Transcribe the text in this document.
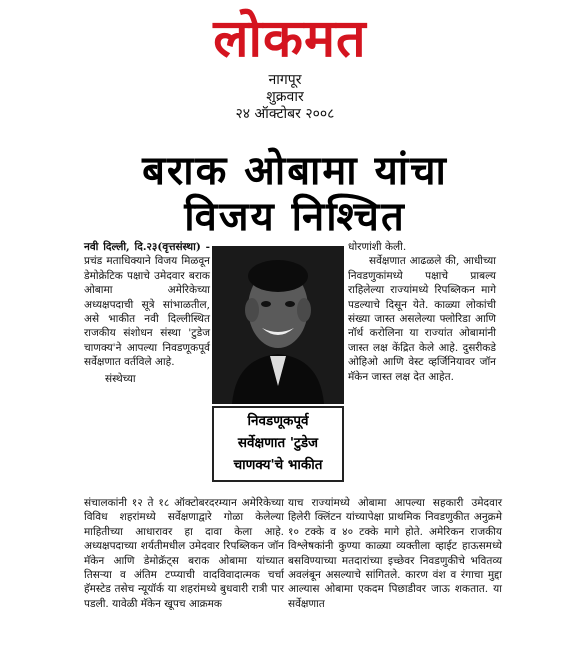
लोकमत
नागपूर
शुक्रवार
२४ ऑक्टोबर २००८
बराक ओबामा यांचा
विजय निश्चित

नवी दिल्ली, दि.२३(वृत्तसंस्था) - प्रचंड मताधिक्याने विजय मिळवून डेमोक्रेटिक पक्षाचे उमेदवार बराक ओबामा अमेरिकेच्या अध्यक्षपदाची सूत्रे सांभाळतील, असे भाकीत नवी दिल्लीस्थित राजकीय संशोधन संस्था 'टुडेज चाणक्य'ने आपल्या निवडणूकपूर्व सर्वेक्षणात वर्तविले आहे.

संस्थेच्या

निवडणूकपूर्व
सर्वेक्षणात 'टुडेज
चाणक्य'चे भाकीत

धोरणांशी केली.

सर्वेक्षणात आढळले की, आधीच्या निवडणुकांमध्ये पक्षाचे प्राबल्य राहिलेल्या राज्यांमध्ये रिपब्लिकन मागे पडल्याचे दिसून येते. काळ्या लोकांची संख्या जास्त असलेल्या फ्लोरिडा आणि नॉर्थ करोलिना या राज्यांत ओबामांनी जास्त लक्ष केंद्रित केले आहे. दुसरीकडे ओहिओ आणि वेस्ट व्हर्जिनियावर जॉन मॅकेन जास्त लक्ष देत आहेत.

संचालकांनी १२ ते १८ ऑक्टोबरदरम्यान अमेरिकेच्या विविध शहरांमध्ये सर्वेक्षणाद्वारे गोळा केलेल्या माहितीच्या आधारावर हा दावा केला आहे. अध्यक्षपदाच्या शर्यतीमधील उमेदवार रिपब्लिकन जॉन मॅकेन आणि डेमोक्रॅट्स बराक ओबामा यांच्यात तिसऱ्या व अंतिम टप्प्याची वादविवादात्मक चर्चा हॅमस्टेड तसेच न्यूयॉर्क या शहरांमध्ये बुधवारी रात्री पार पडली. यावेळी मॅकेन खूपच आक्रमक

याच राज्यांमध्ये ओबामा आपल्या सहकारी उमेदवार हिलेरी क्लिंटन यांच्यापेक्षा प्राथमिक निवडणुकीत अनुक्रमे १० टक्के व ४० टक्के मागे होते. अमेरिकन राजकीय विश्लेषकांनी कुण्या काळ्या व्यक्तीला व्हाईट हाऊसमध्ये बसविण्याच्या मतदारांच्या इच्छेवर निवडणुकीचे भवितव्य अवलंबून असल्याचे सांगितले. कारण वंश व रंगाचा मुद्दा आल्यास ओबामा एकदम पिछाडीवर जाऊ शकतात. या सर्वेक्षणात
